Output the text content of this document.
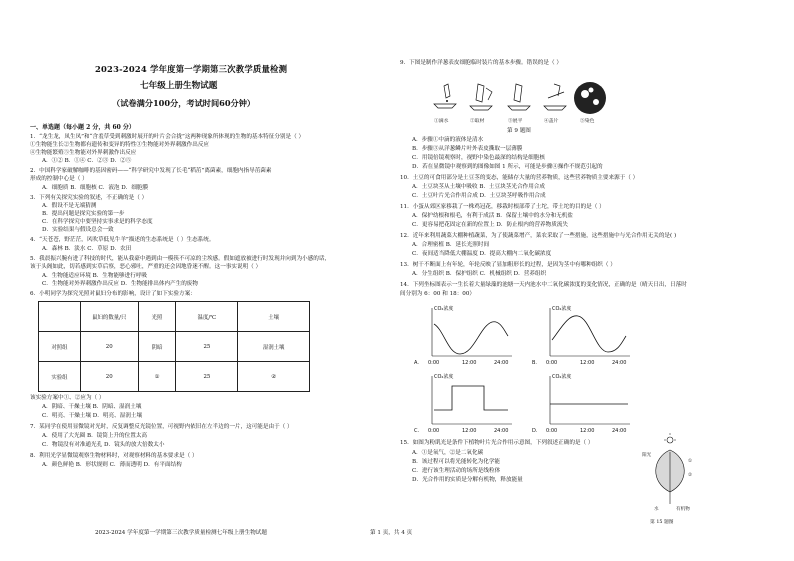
2023-2024 学年度第一学期第三次教学质量检测
七年级上册生物试题
（试卷满分100分，考试时间60分钟）
一、单选题（每小题 2 分，共 60 分）
1．“龙生龙，凤生凤”和“含羞草受到刺激时展开的叶片会合拢”这两种现象所体现的生物的基本特征分别是（ ）
①生物能生长②生物都有遗传和变异的特性③生物能对外界刺激作出反应
④生物能繁殖⑤生物能对外界刺激作出反应
A．①② B．①④ C．②③ D．②⑤
2．中国科学家破解咖啡的基因密码——“科学研究中发现了长毛“稻茁”离菌素，细胞内指导茁菌素
形成的控制中心是（ ）
A．细胞质 B．细胞核 C．液泡 D．细胞膜
3．下列有关探究实验的叙述，不正确的是（ ）
A．假设不是无端猜测
B．提出问题是探究实验的第一步
C．在科学探究中要坚持实事求是的科学态度
D．实验结果与假设总会一致
4．“天苍苍，野茫茫，风吹草低见牛羊”描述的生态系统是（ ）生态系统。
A．森林 B．淡水 C．草原 D．农田
5．我晨振兴腕有进了科技的时代，能从我豪中遇到由一模筷不可凉的尘埃感。假如遮放被进行时发现并向到为小感的话，
该于头阁如此，切若感到实草后察，恶心邪吐，严重的还会因地昏迷不醒。这一事实说明（ ）
A．生物能适应环境 B．生物能够进行呼吸
C．生物能对外界刺激作出反应 D．生物能排出体内产生的废物
6．小明同学为探究光照对鼠妇分布的影响，设计了如下实验方案：
	鼠妇的数量/只	光照	温度/℃	土壤
对照组	20	阴暗	25	湿润土壤
实验组	20	①	25	②
该实验方案中①、②应为（ ）
A．阴暗、干燥土壤 B．阴暗、湿润土壤
C．明亮、干燥土壤 D．明亮、湿润土壤
7．某同学在使用显微镜对光时，反复调整反光镜位置，可视野内依旧在左半边的一片，这可能是由于（ ）
A．使用了大光圈 B．镜筒上升的位置太高
C．物镜没有对准通光孔 D．镜头的放大倍数太小
8．利用光学显微镜观察生物材料时，对观察材料的基本要求是（ ）
A．颜色鲜艳 B．形状规则 C．薄而透明 D．有平面结构
9．下图是制作洋葱表皮细胞临时装片的基本步骤。错误的是（ ）
①滴水	②取材	③展平	④盖片	⑤染色
第 9 题图
A．步骤①中滴的液体是清水
B．步骤③从洋葱鳞片叶外表皮撕取一层薄膜
C．用镜倍镜观察时，视野中染色最深的结构是细胞核
D．若在显微镜中观察到的图像如图 1 所示，可能是步骤④操作不规范引起的
10．土豆的可食用部分是土豆茎的变态，能储存大量的营养物质，这些营养物质主要来源于（ ）
A．土豆块茎从土壤中吸收 B．土豆块茎光合作用合成
C．土豆叶片光合作用合成 D．土豆块茎呼吸作用合成
11．小蛋从郊区家移栽了一株鸡冠花，移栽时根部带了土坨，带土坨的目的是（ ）
A．保护幼根和根毛，有利于成活 B．保留土壤中的水分和无机盐
C．更容易把花固定在新的位置上 D．防止根内的营养物质流失
12．近年来利用蔬菜大棚种植蔬菜，为了使蔬菜增产，菜农采取了一些措施，这些措施中与光合作用无关的是( )
A．合理密植 B．延长光照时间
C．夜间适当降低大棚温度 D．提高大棚内二氧化碳浓度
13．树干不断面上有年轮，年轮反映了显加粗形长的过程，是因为茎中有哪种组织（ ）
A．分生组织 B．保护组织 C．机械组织 D．营养组织
14．下列坐标图表示一生长着大量绿藻的池塘一天内池水中二氧化碳浓度的变化情况，正确的是（晴天日出，日落时
间分别为 6：00 和 18：00）
A.
CO₂浓度
0:00	12:00	24:00	B.
CO₂浓度
0:00	12:00	24:00
C.
CO₂浓度
0:00	12:00	24:00	D.
CO₂浓度
0:00	12:00	24:00
15．如图为粉肌光是条件下植物叶片光合作用示意图，下列叙述正确的是（ ）
A．①是氧气，②是二氧化碳
B．该过程可以将光能转化为化学能
C．进行该生理活动的场所是线粒体
D．光合作用的实质是分解有机物，释放能量
阳光
①
②
水	有机物
第 15 题图
2023-2024 学年度第一学期第三次教学质量检测七年级上册生物试题	第 1 页，共 4 页
